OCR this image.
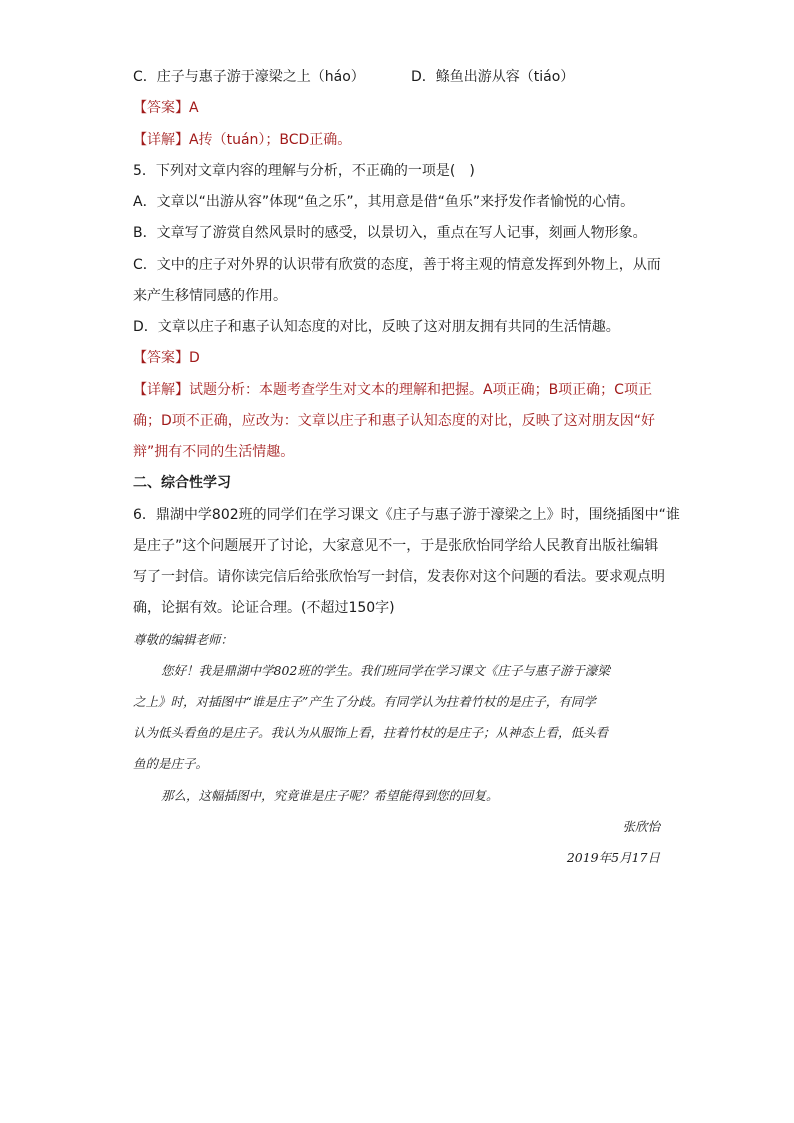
C．庄子与惠子游于濠梁之上（háo）	D．鲦鱼出游从容（tiáo）
【答案】A
【详解】A抟（tuán）；BCD正确。
5．下列对文章内容的理解与分析，不正确的一项是(　)
A．文章以“出游从容”体现“鱼之乐”，其用意是借“鱼乐”来抒发作者愉悦的心情。
B．文章写了游赏自然风景时的感受，以景切入，重点在写人记事，刻画人物形象。
C．文中的庄子对外界的认识带有欣赏的态度，善于将主观的情意发挥到外物上，从而
来产生移情同感的作用。
D．文章以庄子和惠子认知态度的对比，反映了这对朋友拥有共同的生活情趣。
【答案】D
【详解】试题分析：本题考查学生对文本的理解和把握。A项正确；B项正确；C项正
确；D项不正确，应改为：文章以庄子和惠子认知态度的对比，反映了这对朋友因“好
辩”拥有不同的生活情趣。
二、综合性学习
6．鼎湖中学802班的同学们在学习课文《庄子与惠子游于濠梁之上》时，围绕插图中“谁
是庄子”这个问题展开了讨论，大家意见不一，于是张欣怡同学给人民教育出版社编辑
写了一封信。请你读完信后给张欣怡写一封信，发表你对这个问题的看法。要求观点明
确，论据有效。论证合理。(不超过150字)
尊敬的编辑老师：
您好！我是鼎湖中学802班的学生。我们班同学在学习课文《庄子与惠子游于濠梁
之上》时，对插图中“谁是庄子”产生了分歧。有同学认为拄着竹杖的是庄子，有同学
认为低头看鱼的是庄子。我认为从服饰上看，拄着竹杖的是庄子；从神态上看，低头看
鱼的是庄子。
那么，这幅插图中，究竟谁是庄子呢？希望能得到您的回复。
张欣怡
2019年5月17日
